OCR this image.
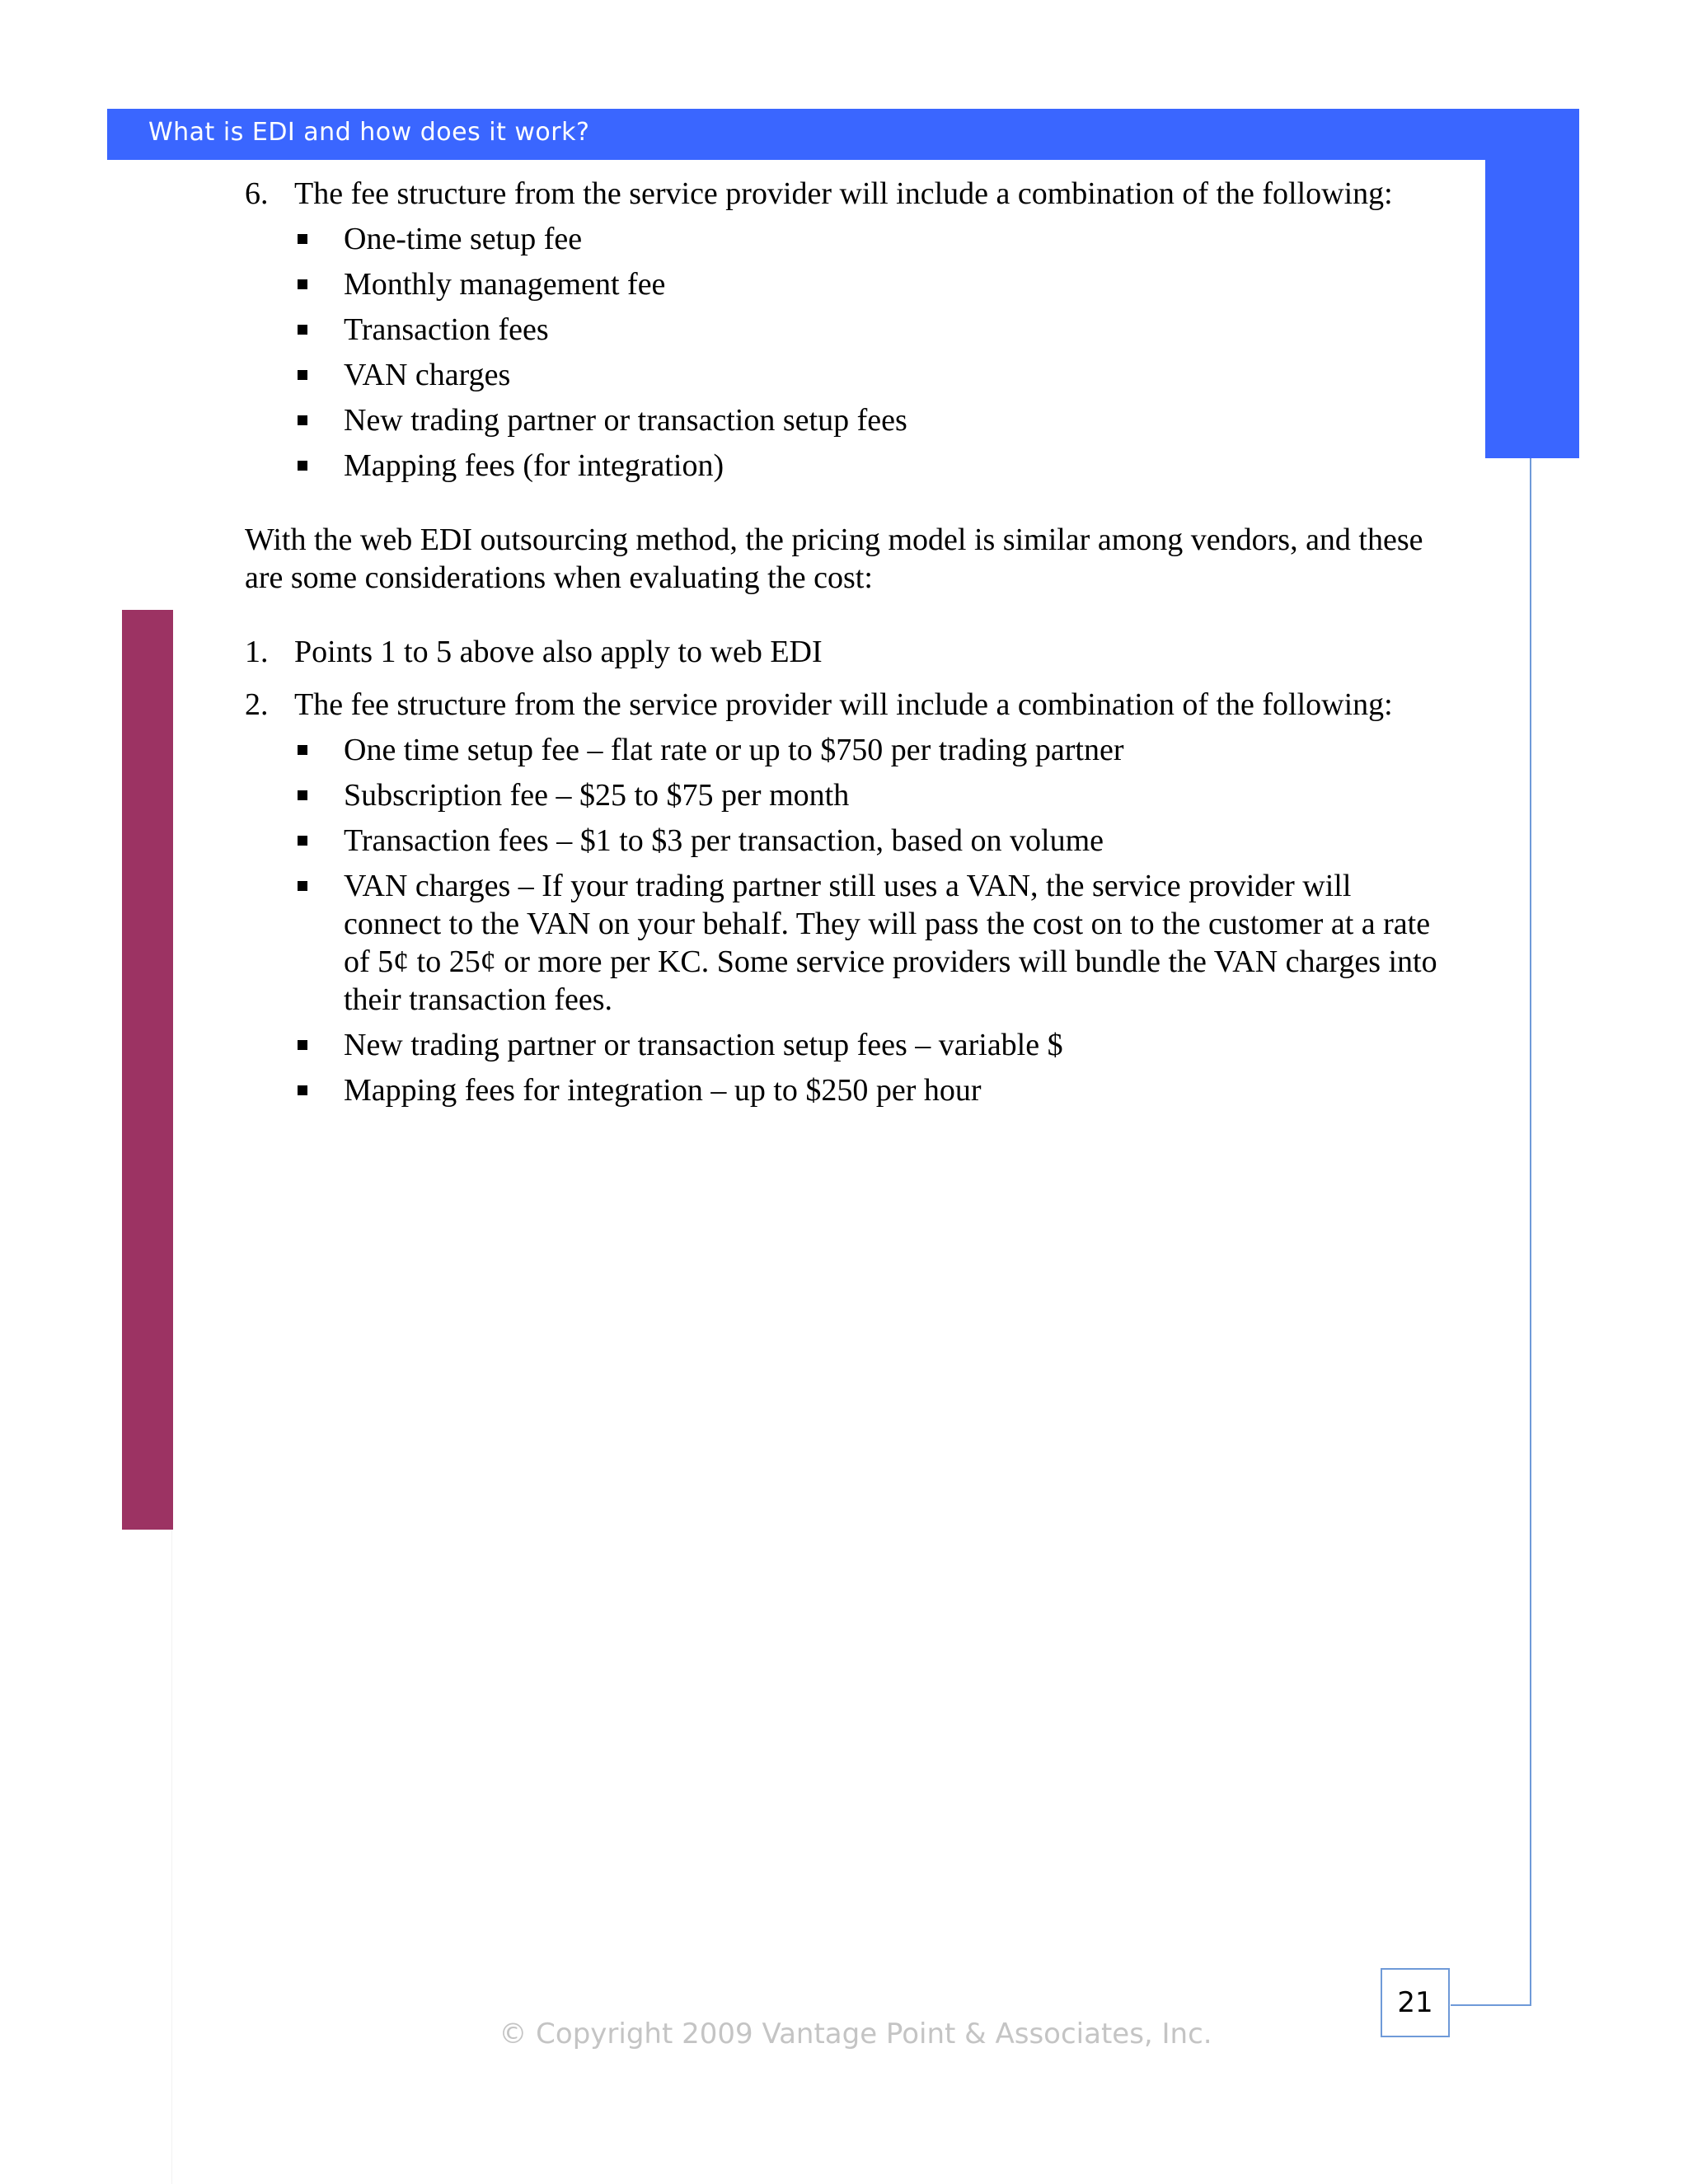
What is EDI and how does it work?
21
6. The fee structure from the service provider will include a combination of the following:
One-time setup fee
Monthly management fee
Transaction fees
VAN charges
New trading partner or transaction setup fees
Mapping fees (for integration)

With the web EDI outsourcing method, the pricing model is similar among vendors, and these are some considerations when evaluating the cost:

1. Points 1 to 5 above also apply to web EDI
2. The fee structure from the service provider will include a combination of the following:
One time setup fee – flat rate or up to $750 per trading partner
Subscription fee – $25 to $75 per month
Transaction fees – $1 to $3 per transaction, based on volume
VAN charges – If your trading partner still uses a VAN, the service provider will connect to the VAN on your behalf. They will pass the cost on to the customer at a rate of 5¢ to 25¢ or more per KC. Some service providers will bundle the VAN charges into their transaction fees.
New trading partner or transaction setup fees – variable $
Mapping fees for integration – up to $250 per hour
© Copyright 2009 Vantage Point & Associates, Inc.
